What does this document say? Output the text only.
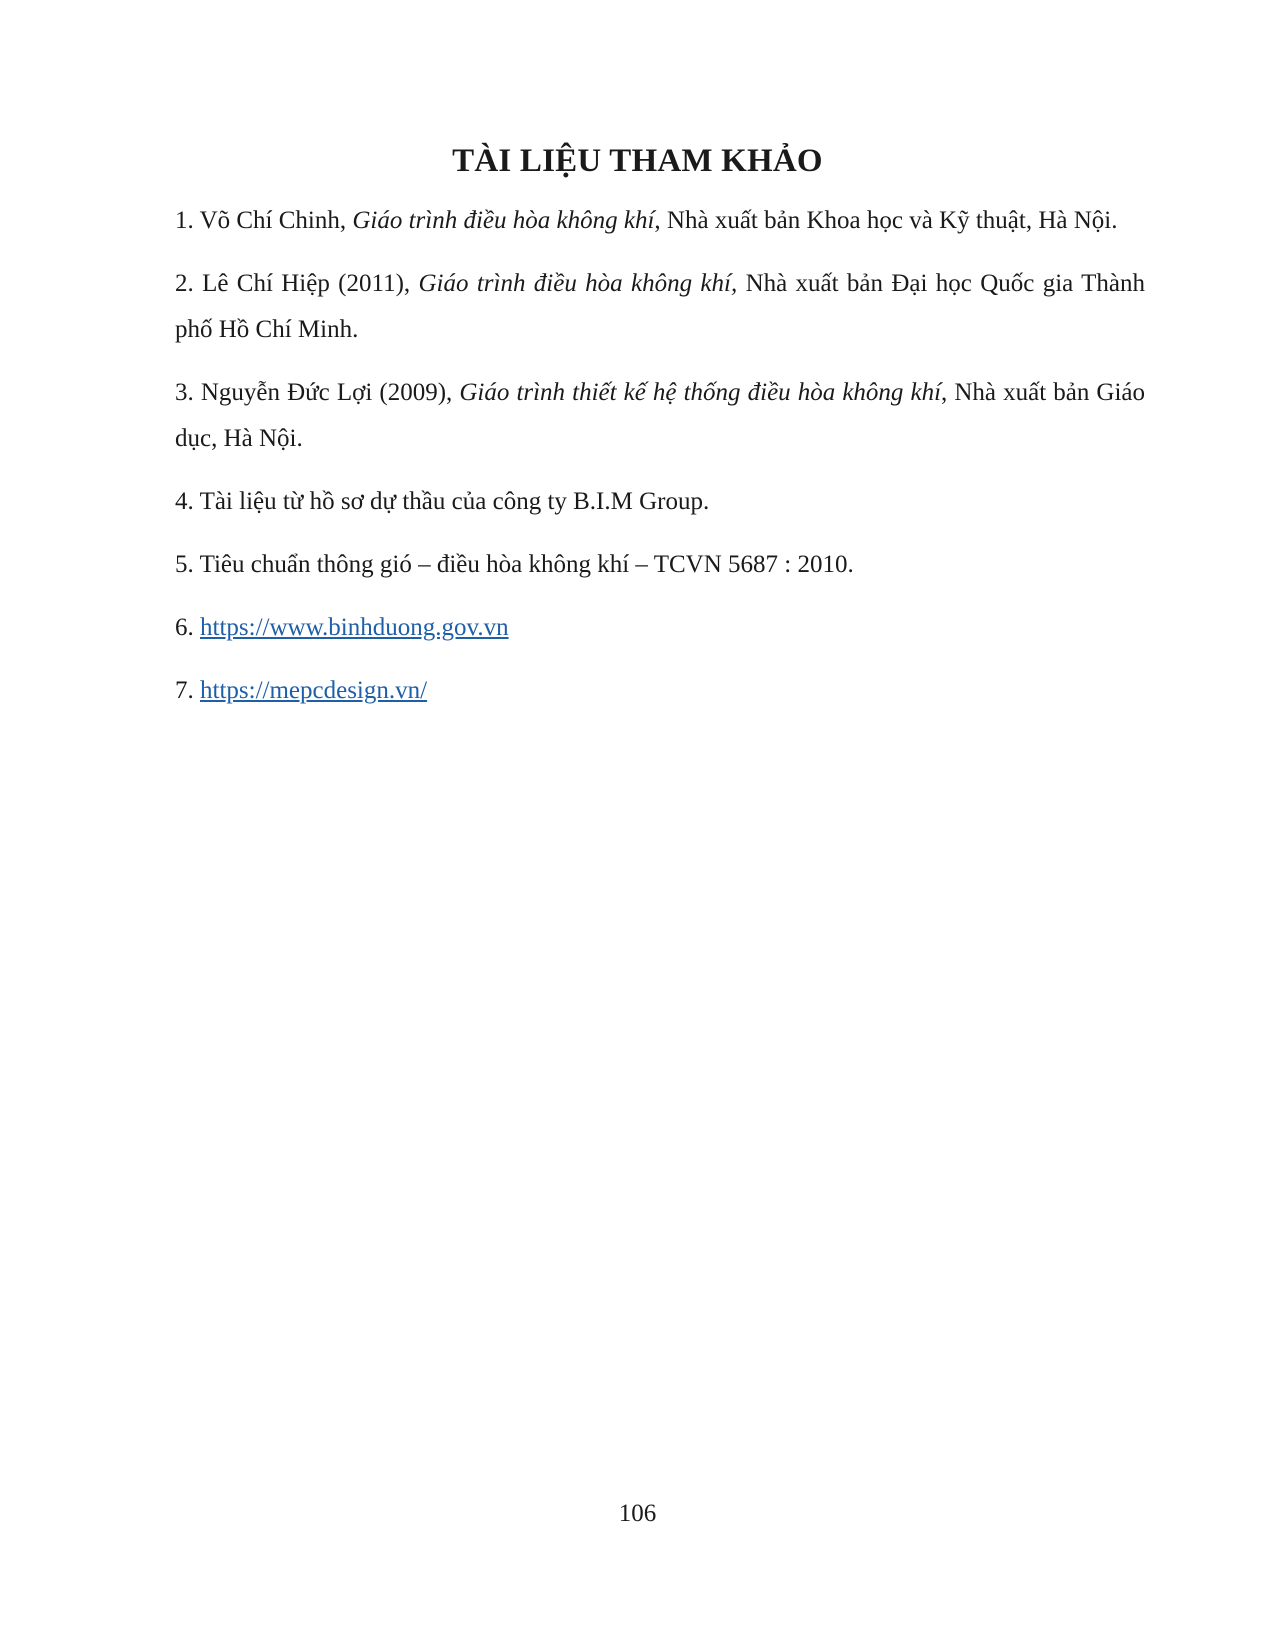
TÀI LIỆU THAM KHẢO
1. Võ Chí Chinh, Giáo trình điều hòa không khí, Nhà xuất bản Khoa học và Kỹ thuật, Hà Nội.
2. Lê Chí Hiệp (2011), Giáo trình điều hòa không khí, Nhà xuất bản Đại học Quốc gia Thành phố Hồ Chí Minh.
3. Nguyễn Đức Lợi (2009), Giáo trình thiết kế hệ thống điều hòa không khí, Nhà xuất bản Giáo dục, Hà Nội.
4. Tài liệu từ hồ sơ dự thầu của công ty B.I.M Group.
5. Tiêu chuẩn thông gió – điều hòa không khí – TCVN 5687 : 2010.
6. https://www.binhduong.gov.vn
7. https://mepcdesign.vn/
106
